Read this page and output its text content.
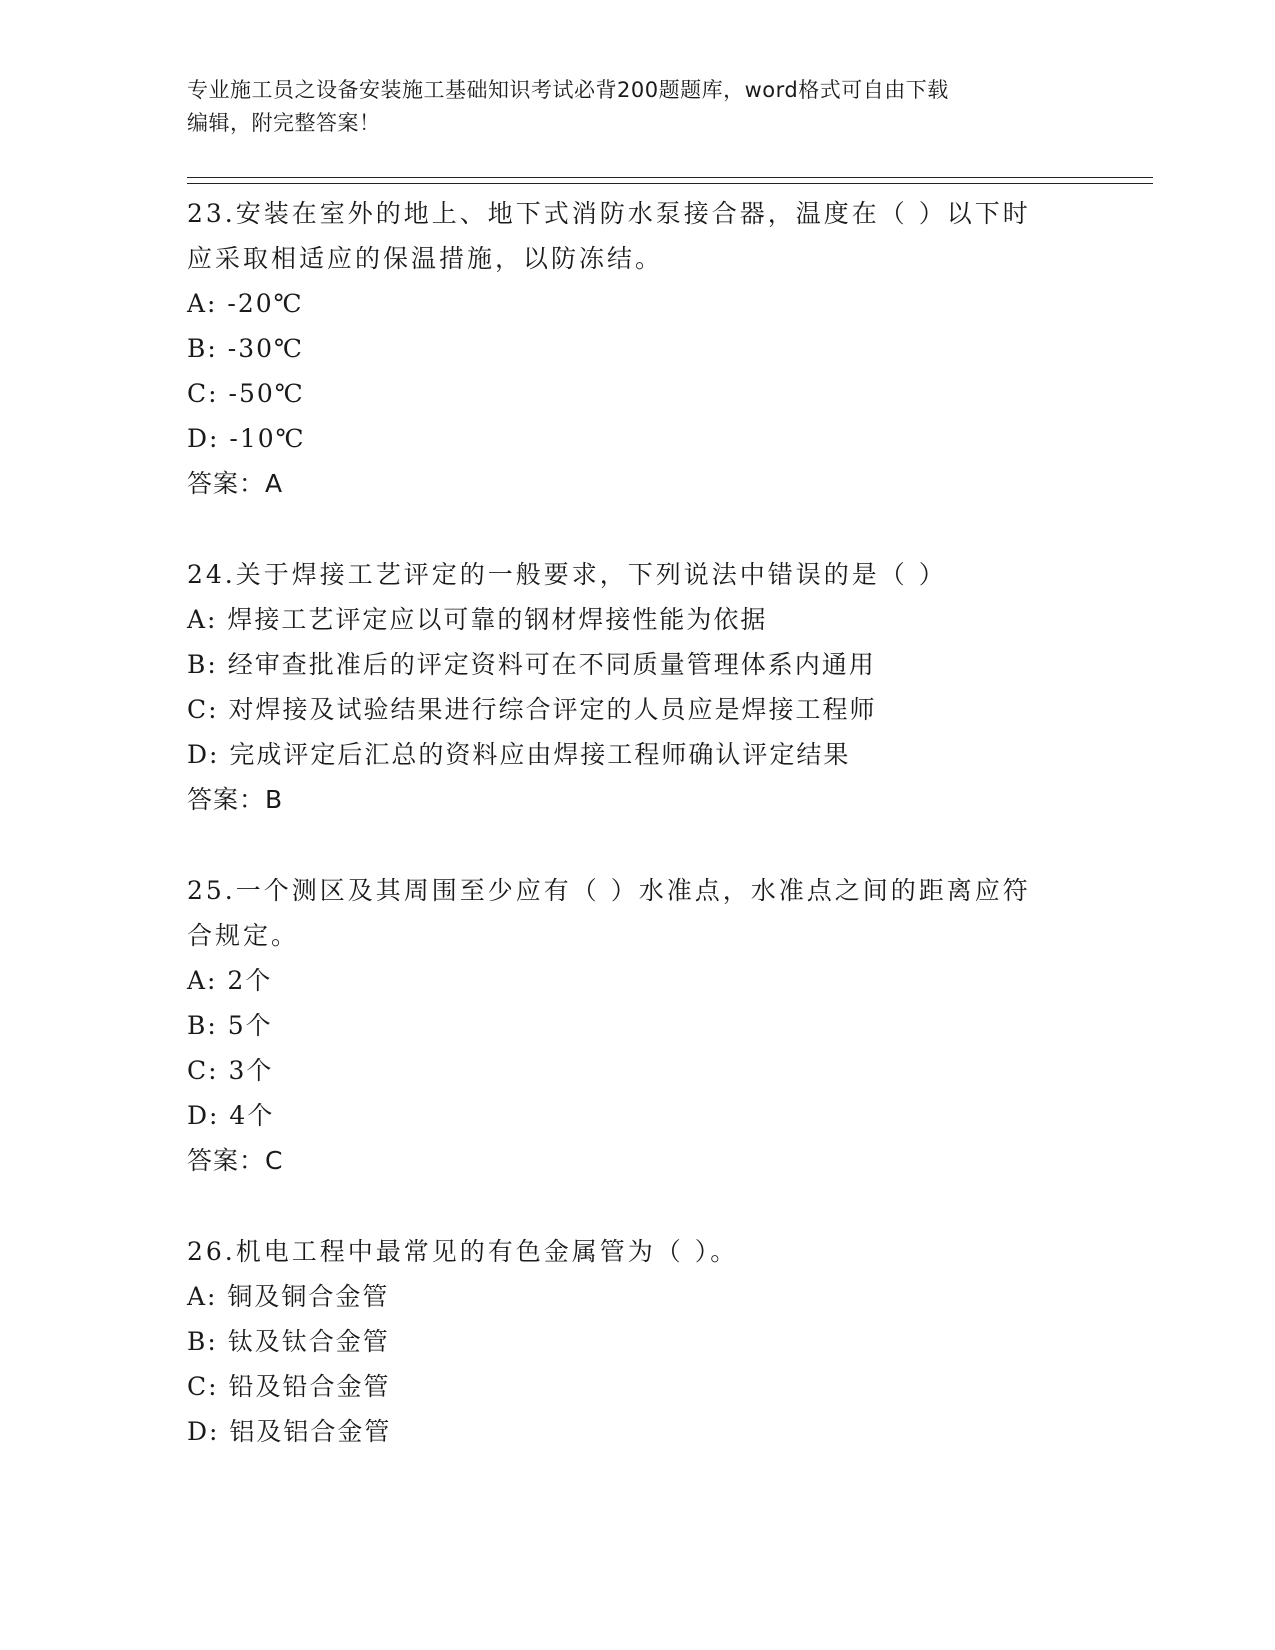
专业施工员之设备安装施工基础知识考试必背200题题库，word格式可自由下载
编辑，附完整答案！

23.安装在室外的地上、地下式消防水泵接合器，温度在（ ）以下时
应采取相适应的保温措施，以防冻结。

A: -20℃

B: -30℃

C: -50℃

D: -10℃

答案：A

24.关于焊接工艺评定的一般要求，下列说法中错误的是（ ）

A: 焊接工艺评定应以可靠的钢材焊接性能为依据

B: 经审查批准后的评定资料可在不同质量管理体系内通用

C: 对焊接及试验结果进行综合评定的人员应是焊接工程师

D: 完成评定后汇总的资料应由焊接工程师确认评定结果

答案：B

25.一个测区及其周围至少应有（ ）水准点，水准点之间的距离应符
合规定。

A: 2个

B: 5个

C: 3个

D: 4个

答案：C

26.机电工程中最常见的有色金属管为（ ）。

A: 铜及铜合金管

B: 钛及钛合金管

C: 铅及铅合金管

D: 铝及铝合金管
